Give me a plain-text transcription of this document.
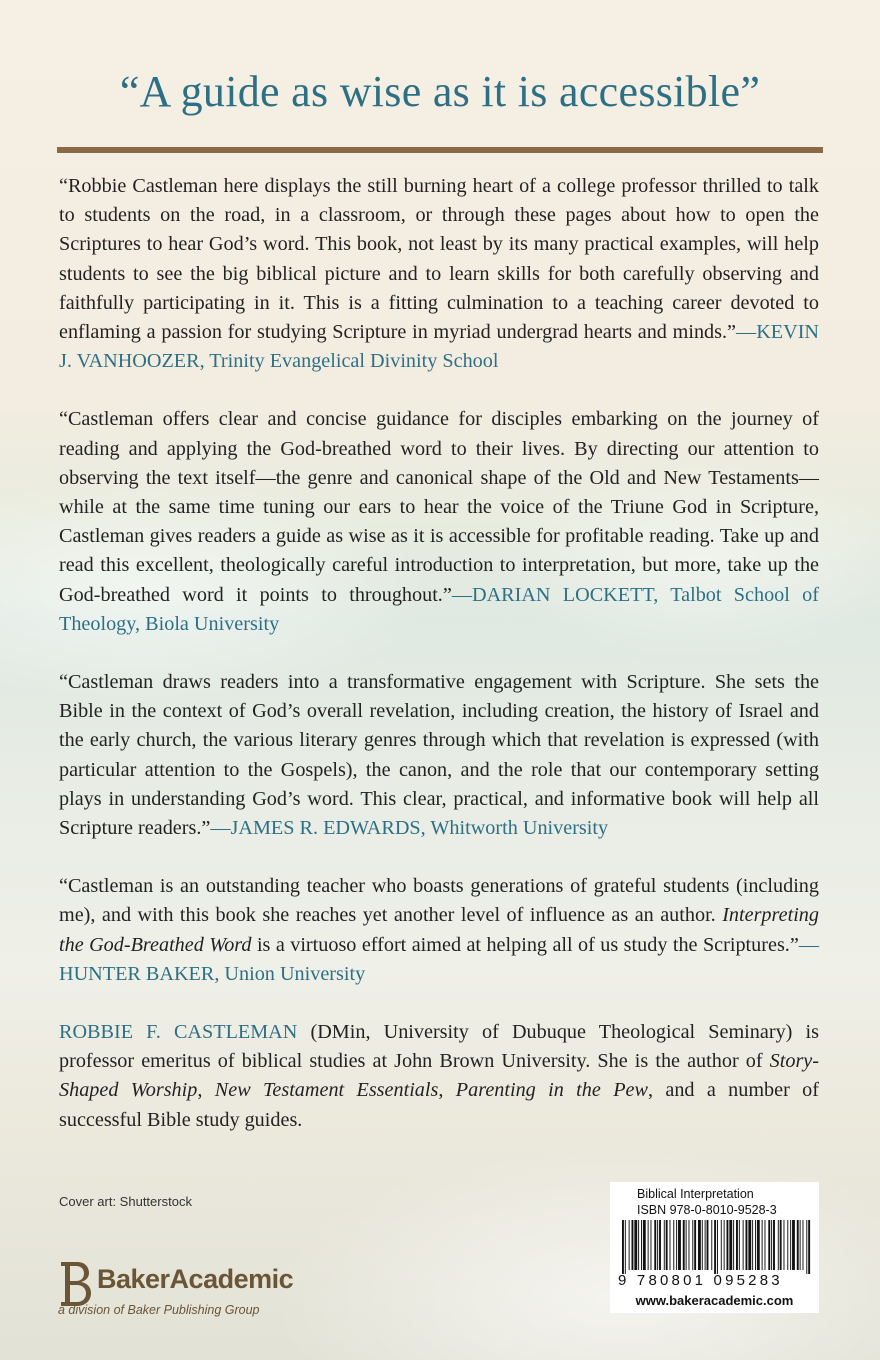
“A guide as wise as it is accessible”

“Robbie Castleman here displays the still burning heart of a college professor thrilled to talk to students on the road, in a classroom, or through these pages about how to open the Scriptures to hear God’s word. This book, not least by its many practical examples, will help students to see the big biblical picture and to learn skills for both carefully observing and faithfully participating in it. This is a fitting culmination to a teaching career devoted to enflaming a passion for studying Scripture in myriad undergrad hearts and minds.”—KEVIN J. VANHOOZER, Trinity Evangelical Divinity School

“Castleman offers clear and concise guidance for disciples embarking on the journey of reading and applying the God-breathed word to their lives. By directing our attention to observing the text itself—the genre and canonical shape of the Old and New Testaments—while at the same time tuning our ears to hear the voice of the Triune God in Scripture, Castleman gives readers a guide as wise as it is accessible for profitable reading. Take up and read this excellent, theologically careful introduction to interpretation, but more, take up the God-breathed word it points to throughout.”—DARIAN LOCKETT, Talbot School of Theology, Biola University

“Castleman draws readers into a transformative engagement with Scripture. She sets the Bible in the context of God’s overall revelation, including creation, the history of Israel and the early church, the various literary genres through which that revelation is expressed (with particular attention to the Gospels), the canon, and the role that our contemporary setting plays in understanding God’s word. This clear, practical, and informative book will help all Scripture readers.”—JAMES R. EDWARDS, Whitworth University

“Castleman is an outstanding teacher who boasts generations of grateful students (including me), and with this book she reaches yet another level of influence as an author. Interpreting the God-Breathed Word is a virtuoso effort aimed at helping all of us study the Scriptures.”—HUNTER BAKER, Union University

ROBBIE F. CASTLEMAN (DMin, University of Dubuque Theological Seminary) is professor emeritus of biblical studies at John Brown University. She is the author of Story-Shaped Worship, New Testament Essentials, Parenting in the Pew, and a number of successful Bible study guides.

Cover art: Shutterstock
BakerAcademic
a division of Baker Publishing Group
Biblical Interpretation
ISBN 978-0-8010-9528-3
9 780801 095283
www.bakeracademic.com
